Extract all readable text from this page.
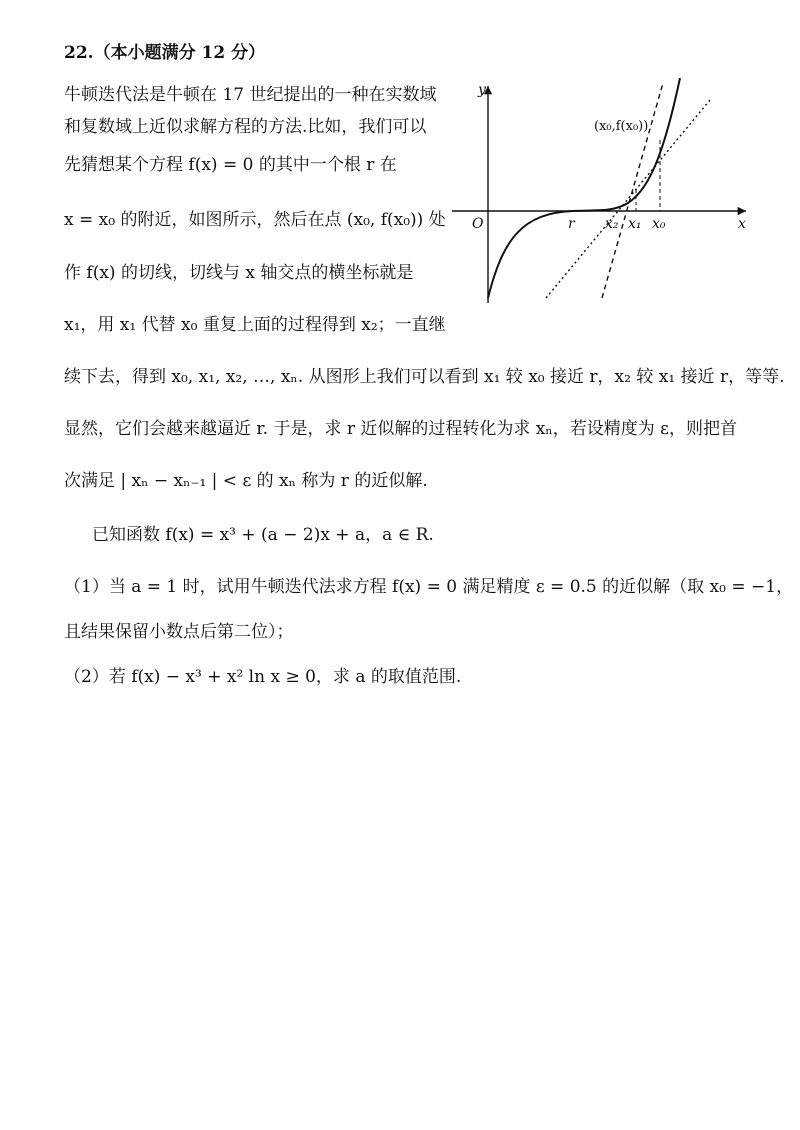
22.（本小题满分 12 分）
牛顿迭代法是牛顿在 17 世纪提出的一种在实数域
和复数域上近似求解方程的方法.比如，我们可以
先猜想某个方程 f(x) = 0 的其中一个根 r 在
x = x₀ 的附近，如图所示，然后在点 (x₀, f(x₀)) 处
作 f(x) 的切线，切线与 x 轴交点的横坐标就是
x₁，用 x₁ 代替 x₀ 重复上面的过程得到 x₂；一直继
续下去，得到 x₀, x₁, x₂, …, xₙ. 从图形上我们可以看到 x₁ 较 x₀ 接近 r，x₂ 较 x₁ 接近 r，等等.
显然，它们会越来越逼近 r. 于是，求 r 近似解的过程转化为求 xₙ，若设精度为 ε，则把首
次满足 | xₙ − xₙ₋₁ | < ε 的 xₙ 称为 r 的近似解.
已知函数 f(x) = x³ + (a − 2)x + a，a ∈ R.
（1）当 a = 1 时，试用牛顿迭代法求方程 f(x) = 0 满足精度 ε = 0.5 的近似解（取 x₀ = −1，
且结果保留小数点后第二位）；
（2）若 f(x) − x³ + x² ln x ≥ 0，求 a 的取值范围.
y
x
O
(x₀,f(x₀))
r x₂ x₁ x₀
